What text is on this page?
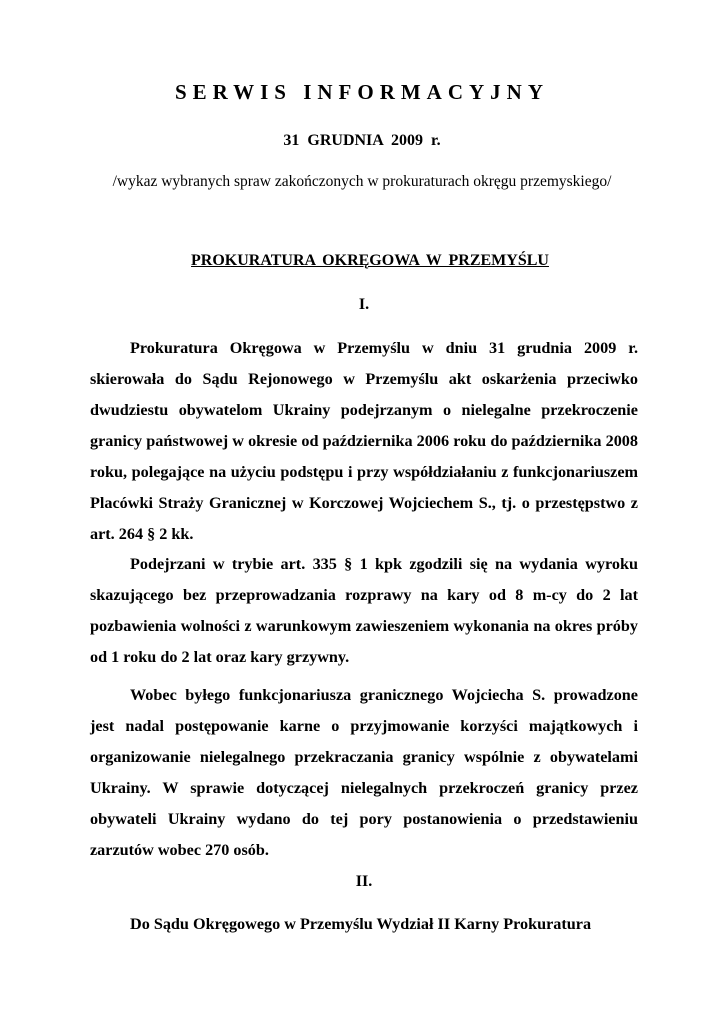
SERWIS INFORMACYJNY

31 GRUDNIA 2009 r.

/wykaz wybranych spraw zakończonych w prokuraturach okręgu przemyskiego/

PROKURATURA OKRĘGOWA W PRZEMYŚLU

I.

Prokuratura Okręgowa w Przemyślu w dniu 31 grudnia 2009 r. skierowała do Sądu Rejonowego w Przemyślu akt oskarżenia przeciwko dwudziestu obywatelom Ukrainy podejrzanym o nielegalne przekroczenie granicy państwowej w okresie od października 2006 roku do października 2008 roku, polegające na użyciu podstępu i przy współdziałaniu z funkcjonariuszem Placówki Straży Granicznej w Korczowej Wojciechem S., tj. o przestępstwo z art. 264 § 2 kk.

Podejrzani w trybie art. 335 § 1 kpk zgodzili się na wydania wyroku skazującego bez przeprowadzania rozprawy na kary od 8 m-cy do 2 lat pozbawienia wolności z warunkowym zawieszeniem wykonania na okres próby od 1 roku do 2 lat oraz kary grzywny.

Wobec byłego funkcjonariusza granicznego Wojciecha S. prowadzone jest nadal postępowanie karne o przyjmowanie korzyści majątkowych i organizowanie nielegalnego przekraczania granicy wspólnie z obywatelami Ukrainy. W sprawie dotyczącej nielegalnych przekroczeń granicy przez obywateli Ukrainy wydano do tej pory postanowienia o przedstawieniu zarzutów wobec 270 osób.

II.

Do Sądu Okręgowego w Przemyślu Wydział II Karny Prokuratura
